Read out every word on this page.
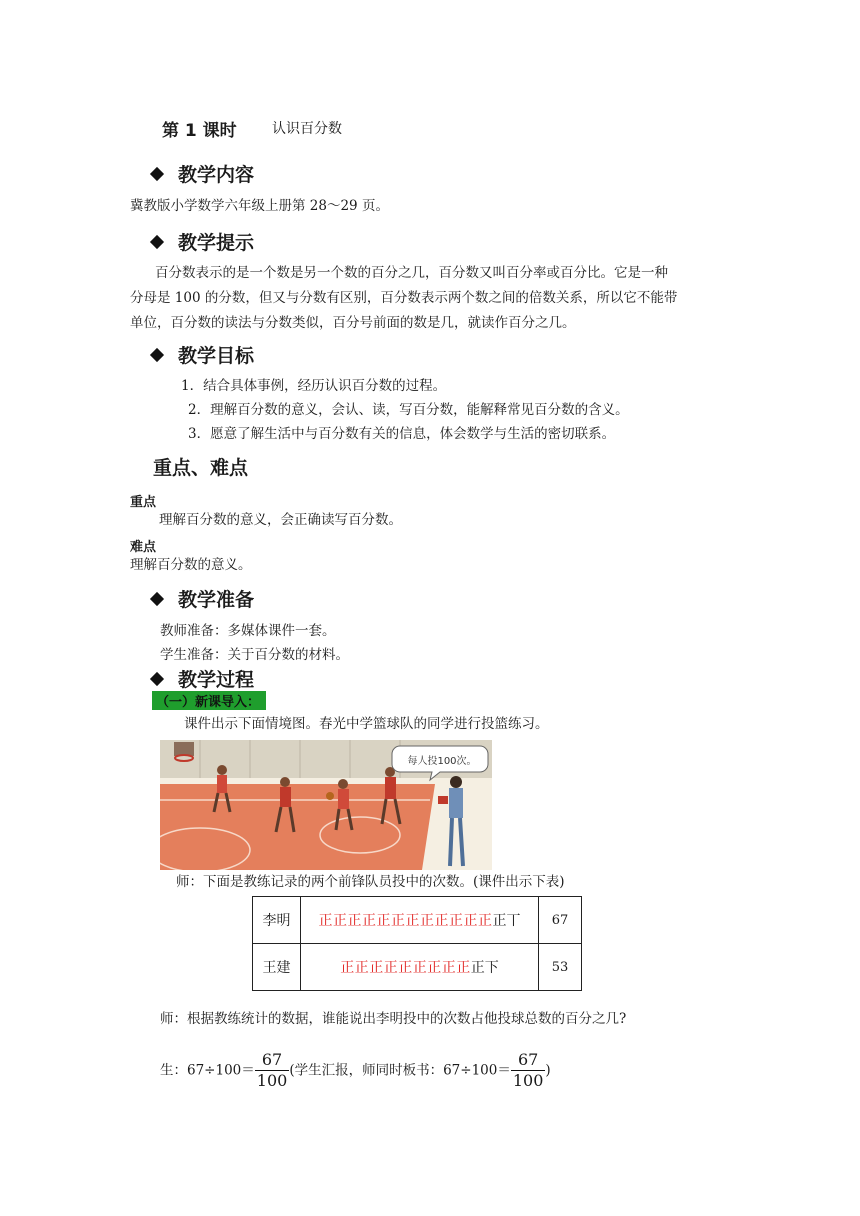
第 1 课时	认识百分数
教学内容
冀教版小学数学六年级上册第 28～29 页。
教学提示
百分数表示的是一个数是另一个数的百分之几，百分数又叫百分率或百分比。它是一种
分母是 100 的分数，但又与分数有区别，百分数表示两个数之间的倍数关系，所以它不能带
单位，百分数的读法与分数类似，百分号前面的数是几，就读作百分之几。
教学目标
1．结合具体事例，经历认识百分数的过程。
2．理解百分数的意义，会认、读，写百分数，能解释常见百分数的含义。
3．愿意了解生活中与百分数有关的信息，体会数学与生活的密切联系。
重点、难点
重点
理解百分数的意义，会正确读写百分数。
难点
理解百分数的意义。
教学准备
教师准备：多媒体课件一套。
学生准备：关于百分数的材料。
教学过程
（一）新课导入：
课件出示下面情境图。春光中学篮球队的同学进行投篮练习。
每人投100次。
师：下面是教练记录的两个前锋队员投中的次数。(课件出示下表)
李明	正正正正正正正正正正正正正丅	67
王建	正正正正正正正正正正下	53
师：根据教练统计的数据，谁能说出李明投中的次数占他投球总数的百分之几?
生：$67\div 100= \frac{67}{100}$ (学生汇报，师同时板书：$67\div 100= \frac{67}{100}$ )
